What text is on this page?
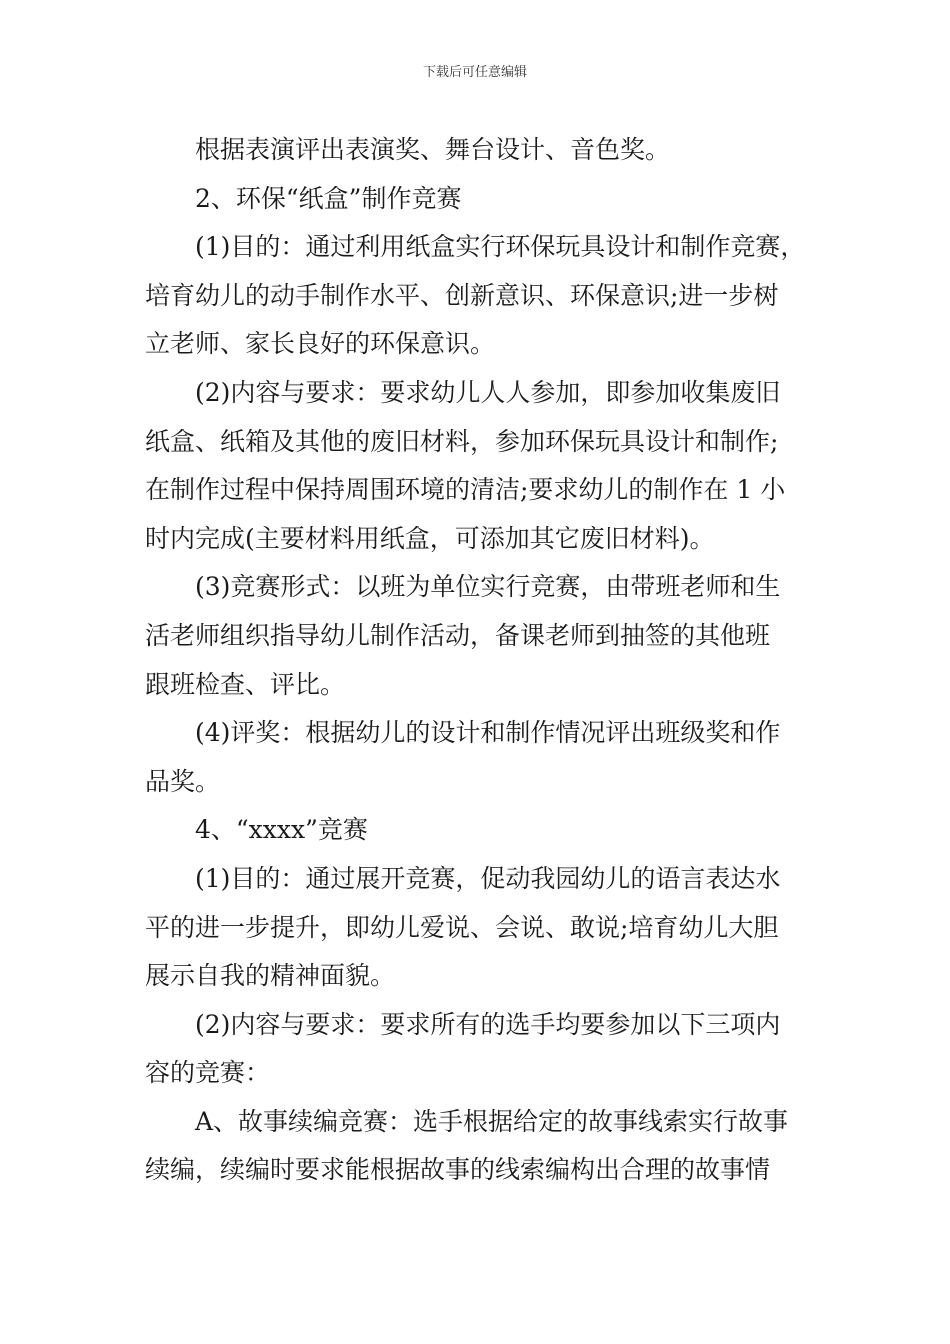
下载后可任意编辑

根据表演评出表演奖、舞台设计、音色奖。

2、环保“纸盒”制作竞赛

(1)目的：通过利用纸盒实行环保玩具设计和制作竞赛，

培育幼儿的动手制作水平、创新意识、环保意识;进一步树

立老师、家长良好的环保意识。

(2)内容与要求：要求幼儿人人参加，即参加收集废旧

纸盒、纸箱及其他的废旧材料，参加环保玩具设计和制作;

在制作过程中保持周围环境的清洁;要求幼儿的制作在 1 小

时内完成(主要材料用纸盒，可添加其它废旧材料)。

(3)竞赛形式：以班为单位实行竞赛，由带班老师和生

活老师组织指导幼儿制作活动，备课老师到抽签的其他班

跟班检查、评比。

(4)评奖：根据幼儿的设计和制作情况评出班级奖和作

品奖。

4、“xxxx”竞赛

(1)目的：通过展开竞赛，促动我园幼儿的语言表达水

平的进一步提升，即幼儿爱说、会说、敢说;培育幼儿大胆

展示自我的精神面貌。

(2)内容与要求：要求所有的选手均要参加以下三项内

容的竞赛：

A、故事续编竞赛：选手根据给定的故事线索实行故事

续编，续编时要求能根据故事的线索编构出合理的故事情
